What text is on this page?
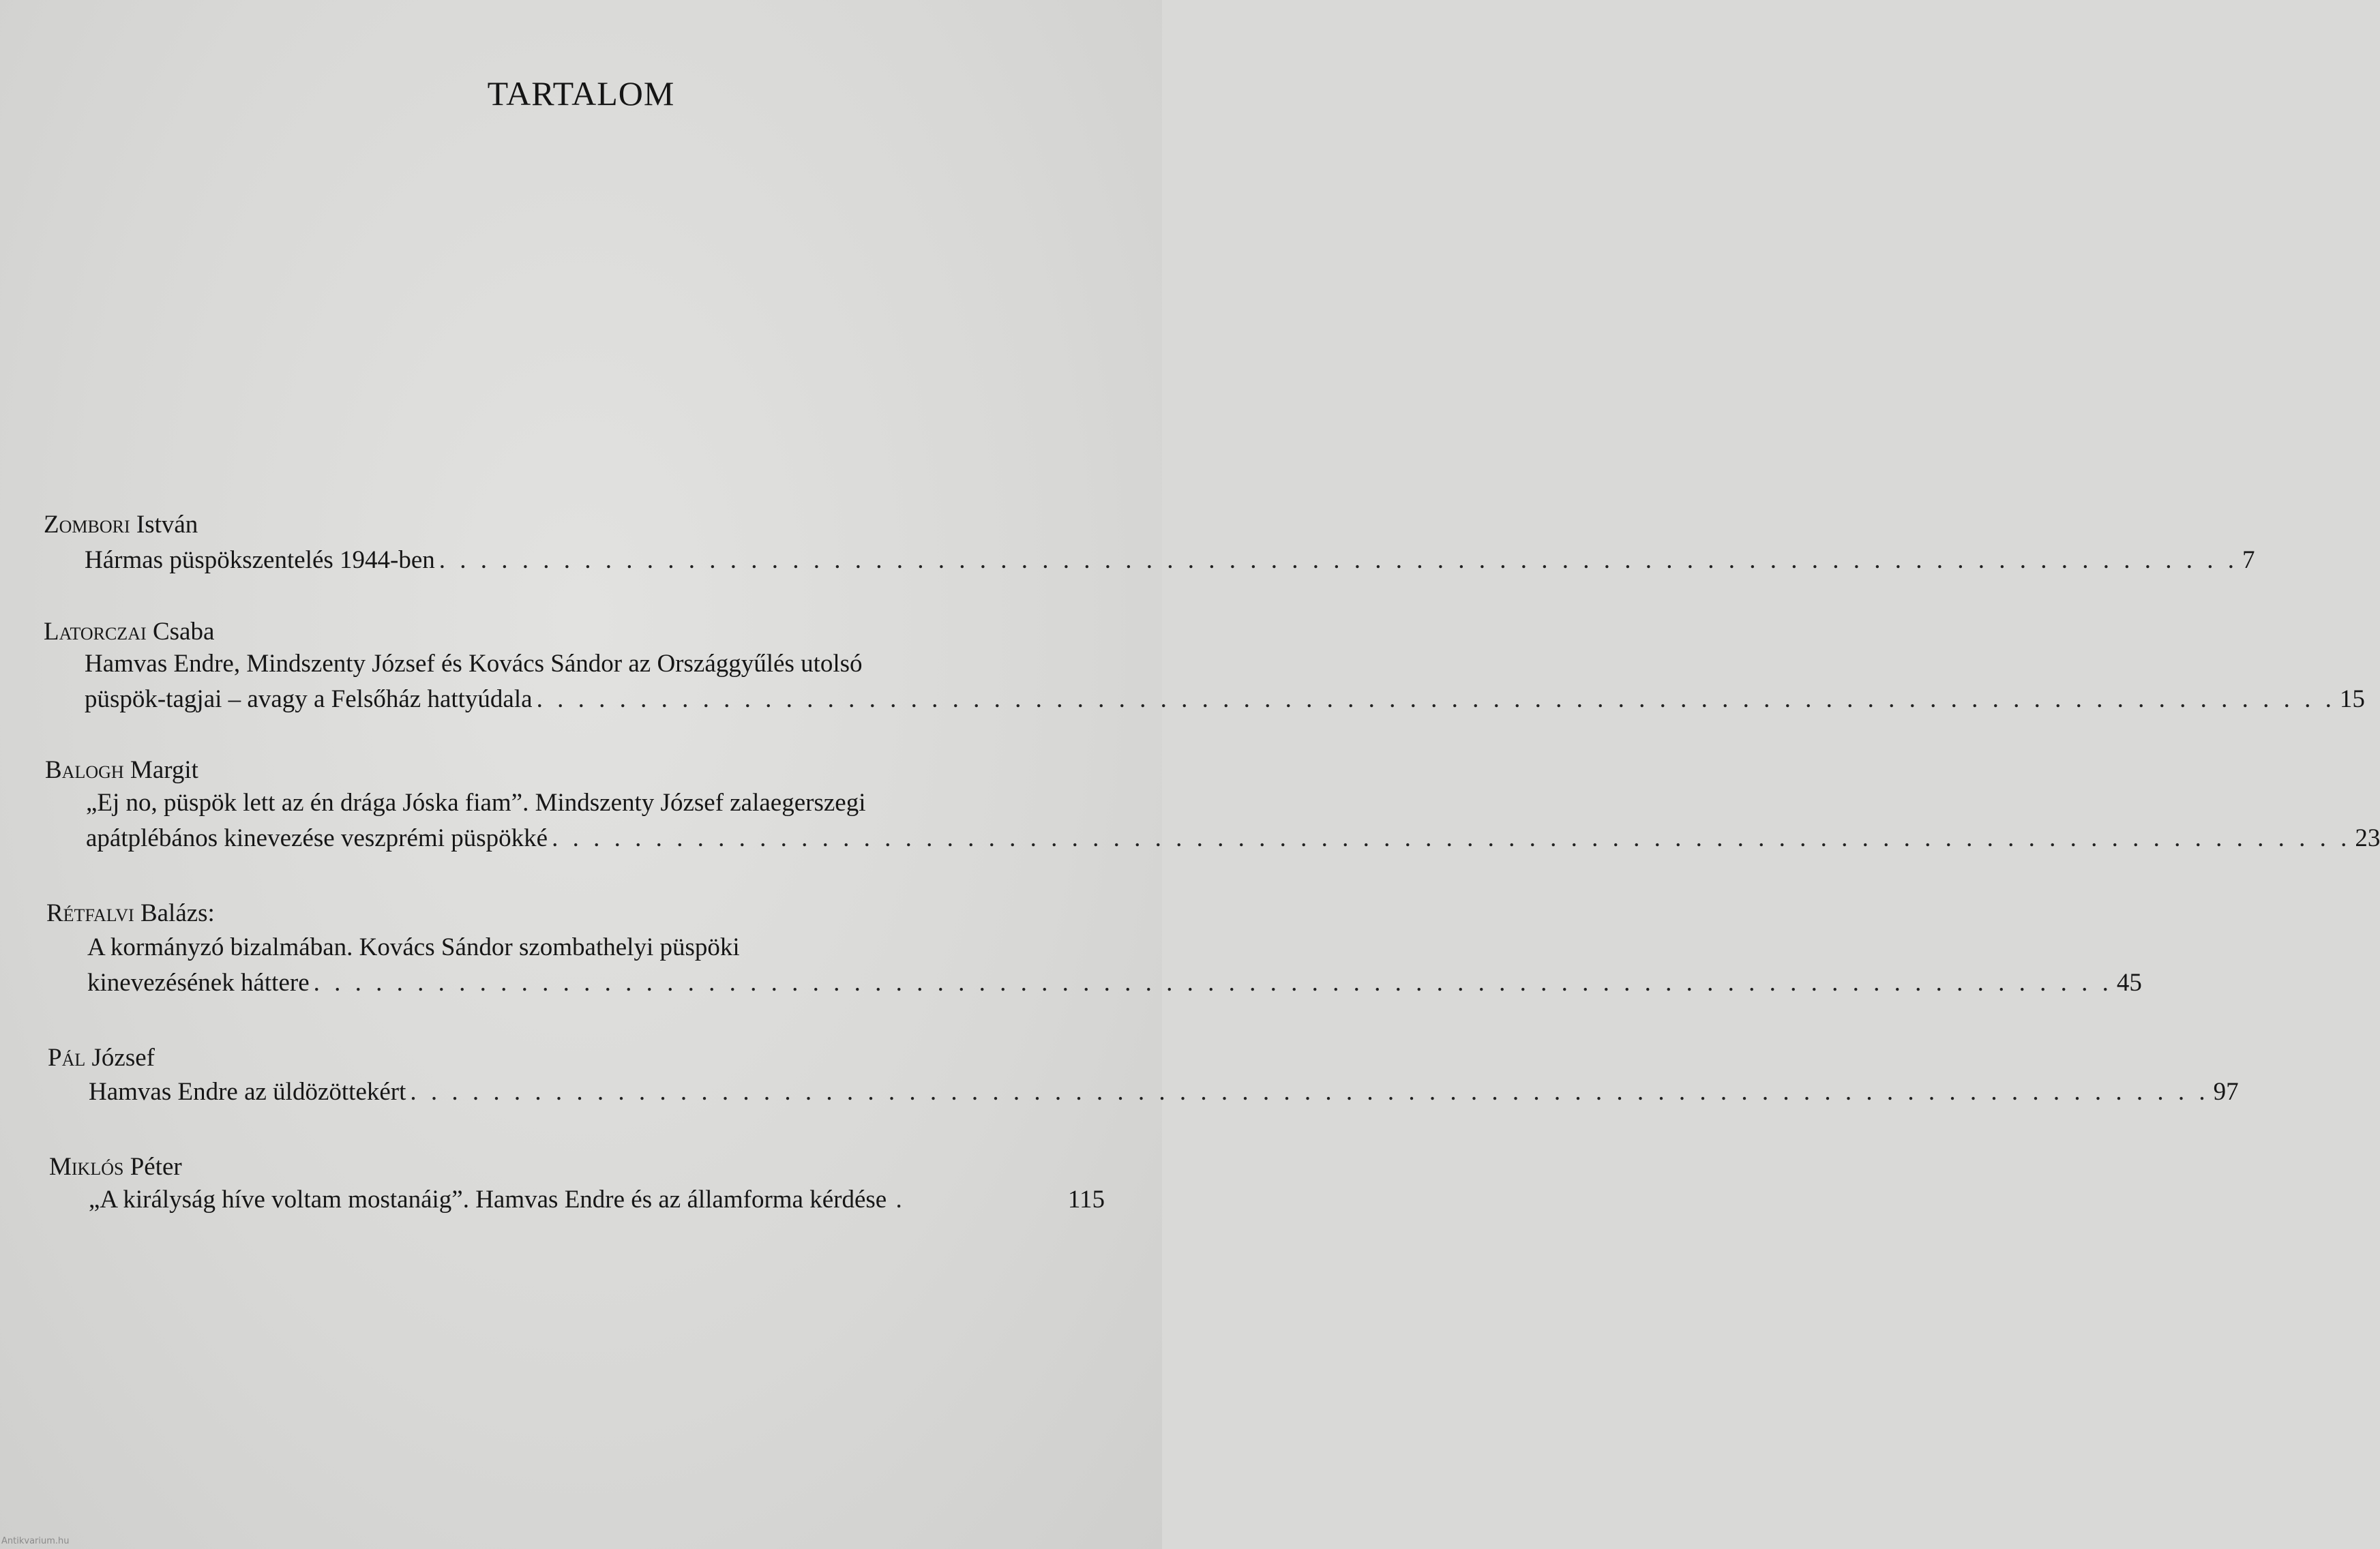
TARTALOM
Zombori István
Hármas püspökszentelés 1944-ben . . . . . . . . . . . . . . . . . . . . . . . . . . . . . . . . . . . . . . . . . . . . . . . . . . . . . . . . . . . . . . . . . . . . . . . . . . . . . . . . . . . . . . . 7
Latorczai Csaba
Hamvas Endre, Mindszenty József és Kovács Sándor az Országgyűlés utolsó
püspök-tagjai – avagy a Felsőház hattyúdala . . . . . . . . . . . . . . . . . . . . . . . . . . . . . . . . . . . . . . . . . . . . . . . . . . . . . . . . . . . . . . . . . . . . . . . . . . . . . . . . . . . . . . . 15
Balogh Margit
„Ej no, püspök lett az én drága Jóska fiam”. Mindszenty József zalaegerszegi
apátplébános kinevezése veszprémi püspökké . . . . . . . . . . . . . . . . . . . . . . . . . . . . . . . . . . . . . . . . . . . . . . . . . . . . . . . . . . . . . . . . . . . . . . . . . . . . . . . . . . . . . . . 23
Rétfalvi Balázs:
A kormányzó bizalmában. Kovács Sándor szombathelyi püspöki
kinevezésének háttere . . . . . . . . . . . . . . . . . . . . . . . . . . . . . . . . . . . . . . . . . . . . . . . . . . . . . . . . . . . . . . . . . . . . . . . . . . . . . . . . . . . . . . . 45
Pál József
Hamvas Endre az üldözöttekért . . . . . . . . . . . . . . . . . . . . . . . . . . . . . . . . . . . . . . . . . . . . . . . . . . . . . . . . . . . . . . . . . . . . . . . . . . . . . . . . . . . . . . . 97
Miklós Péter
„A királyság híve voltam mostanáig”. Hamvas Endre és az államforma kérdése .	115
Antikvarium.hu
